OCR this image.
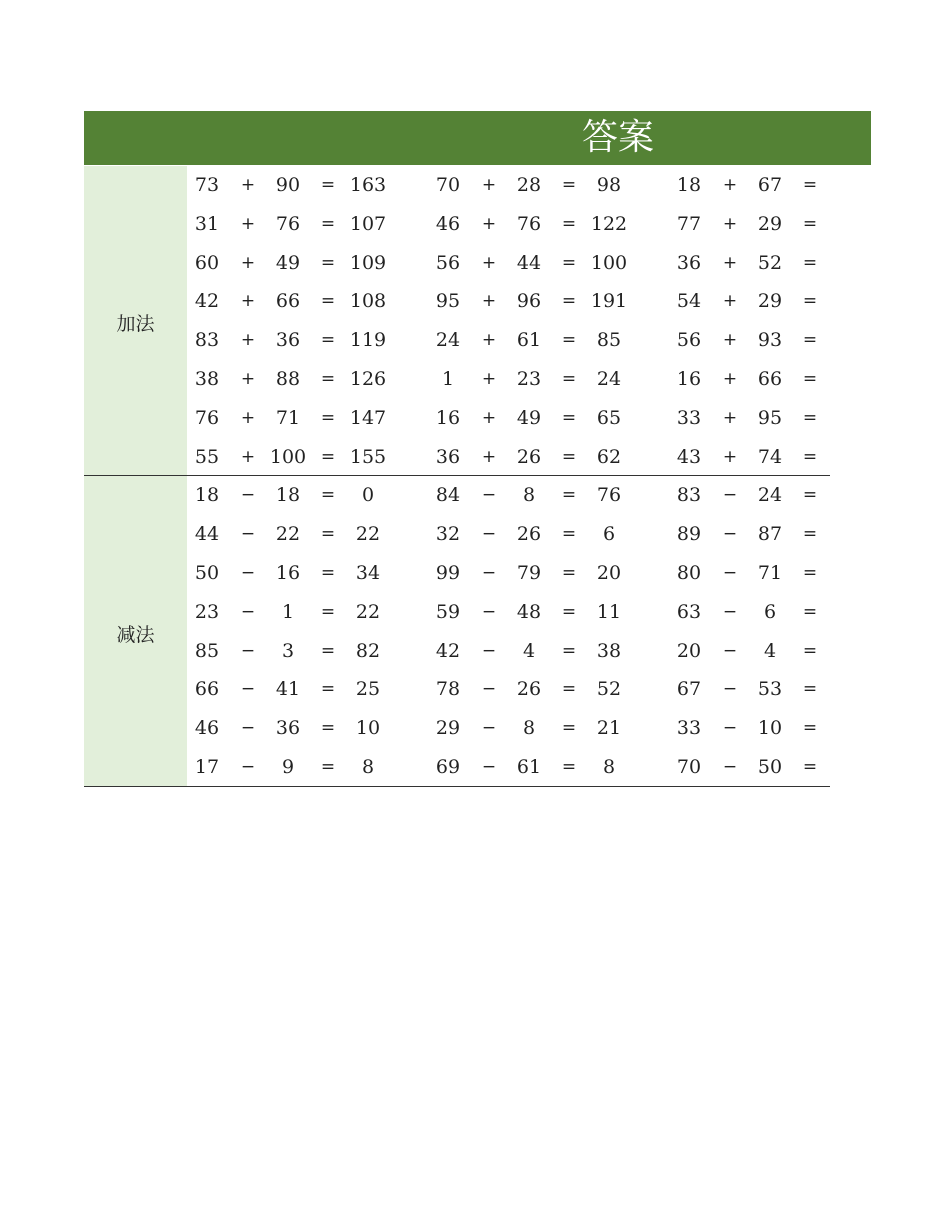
答案
加法
73	+	90	= 163	70	+	28	=	98	18	+	67	=
31	+	76	= 107	46	+	76	= 122	77	+	29	=
60	+	49	= 109	56	+	44	= 100	36	+	52	=
42	+	66	= 108	95	+	96	= 191	54	+	29	=
83	+	36	= 119	24	+	61	=	85	56	+	93	=
38	+	88	= 126	1	+	23	=	24	16	+	66	=
76	+	71	= 147	16	+	49	=	65	33	+	95	=
55	+ 100 = 155	36	+	26	=	62	43	+	74	=
减法
18	−	18	=	0	84	−	8	=	76	83	−	24	=
44	−	22	=	22	32	−	26	=	6	89	−	87	=
50	−	16	=	34	99	−	79	=	20	80	−	71	=
23	−	1	=	22	59	−	48	=	11	63	−	6	=
85	−	3	=	82	42	−	4	=	38	20	−	4	=
66	−	41	=	25	78	−	26	=	52	67	−	53	=
46	−	36	=	10	29	−	8	=	21	33	−	10	=
17	−	9	=	8	69	−	61	=	8	70	−	50	=
